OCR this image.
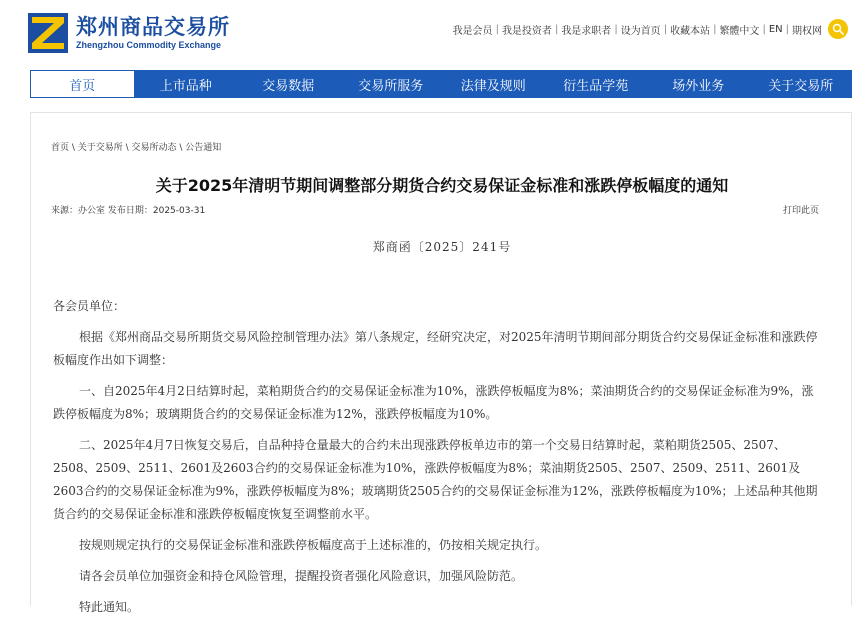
郑州商品交易所
Zhengzhou Commodity Exchange
我是会员 | 我是投资者 | 我是求职者 | 设为首页 | 收藏本站 | 繁體中文 | EN | 期权网
首页	上市品种	交易数据	交易所服务	法律及规则	衍生品学苑	场外业务	关于交易所
首页 \ 关于交易所 \ 交易所动态 \ 公告通知
关于2025年清明节期间调整部分期货合约交易保证金标准和涨跌停板幅度的通知
来源：办公室 发布日期：2025-03-31	打印此页
郑商函〔2025〕241号

各会员单位：

根据《郑州商品交易所期货交易风险控制管理办法》第八条规定，经研究决定，对2025年清明节期间部分期货合约交易保证金标准和涨跌停板幅度作出如下调整：

一、自2025年4月2日结算时起，菜粕期货合约的交易保证金标准为10%，涨跌停板幅度为8%；菜油期货合约的交易保证金标准为9%，涨跌停板幅度为8%；玻璃期货合约的交易保证金标准为12%，涨跌停板幅度为10%。

二、2025年4月7日恢复交易后，自品种持仓量最大的合约未出现涨跌停板单边市的第一个交易日结算时起，菜粕期货2505、2507、2508、2509、2511、2601及2603合约的交易保证金标准为10%，涨跌停板幅度为8%；菜油期货2505、2507、2509、2511、2601及2603合约的交易保证金标准为9%，涨跌停板幅度为8%；玻璃期货2505合约的交易保证金标准为12%，涨跌停板幅度为10%；上述品种其他期货合约的交易保证金标准和涨跌停板幅度恢复至调整前水平。

按规则规定执行的交易保证金标准和涨跌停板幅度高于上述标准的，仍按相关规定执行。

请各会员单位加强资金和持仓风险管理，提醒投资者强化风险意识，加强风险防范。

特此通知。
